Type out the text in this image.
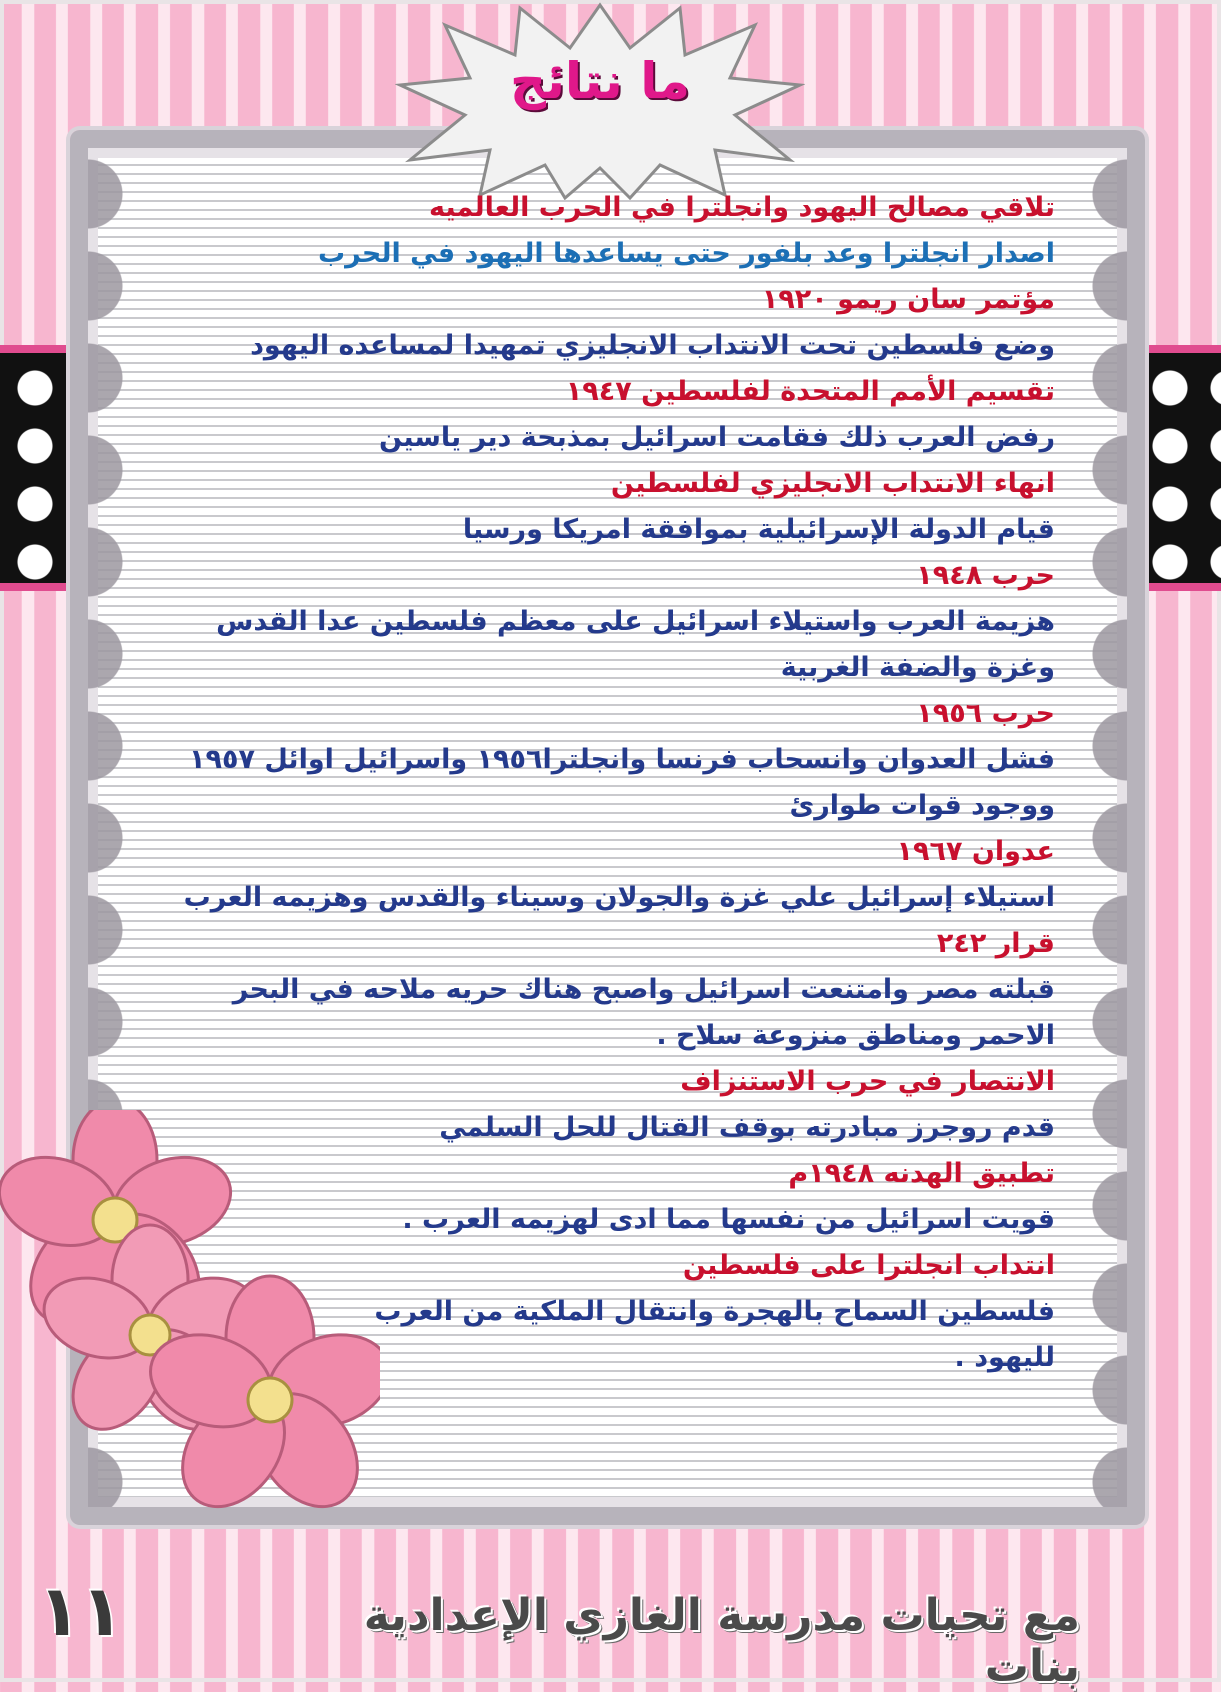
ما نتائج
تلاقي مصالح اليهود وانجلترا في الحرب العالميه
اصدار انجلترا وعد بلفور حتى يساعدها اليهود في الحرب
مؤتمر سان ريمو ١٩٢٠
وضع فلسطين تحت الانتداب الانجليزي تمهيدا لمساعده اليهود
تقسيم الأمم المتحدة لفلسطين ١٩٤٧
رفض العرب ذلك فقامت اسرائيل بمذبحة دير ياسين
انهاء الانتداب الانجليزي لفلسطين
قيام الدولة الإسرائيلية بموافقة امريكا ورسيا
حرب ١٩٤٨
هزيمة العرب واستيلاء اسرائيل على معظم فلسطين عدا القدس
وغزة والضفة الغربية
حرب ١٩٥٦
فشل العدوان وانسحاب فرنسا وانجلترا١٩٥٦ واسرائيل اوائل ١٩٥٧
ووجود قوات طوارئ
عدوان ١٩٦٧
استيلاء إسرائيل علي غزة والجولان وسيناء والقدس وهزيمه العرب
قرار ٢٤٢
قبلته مصر وامتنعت اسرائيل واصبح هناك حريه ملاحه في البحر
الاحمر ومناطق منزوعة سلاح .
الانتصار في حرب الاستنزاف
قدم روجرز مبادرته بوقف القتال للحل السلمي
تطبيق الهدنه ١٩٤٨م
قويت اسرائيل من نفسها مما ادى لهزيمه العرب .
انتداب انجلترا على فلسطين
فلسطين السماح بالهجرة وانتقال الملكية من العرب
لليهود .
١١	مع تحيات مدرسة الغازي الإعدادية بنات
